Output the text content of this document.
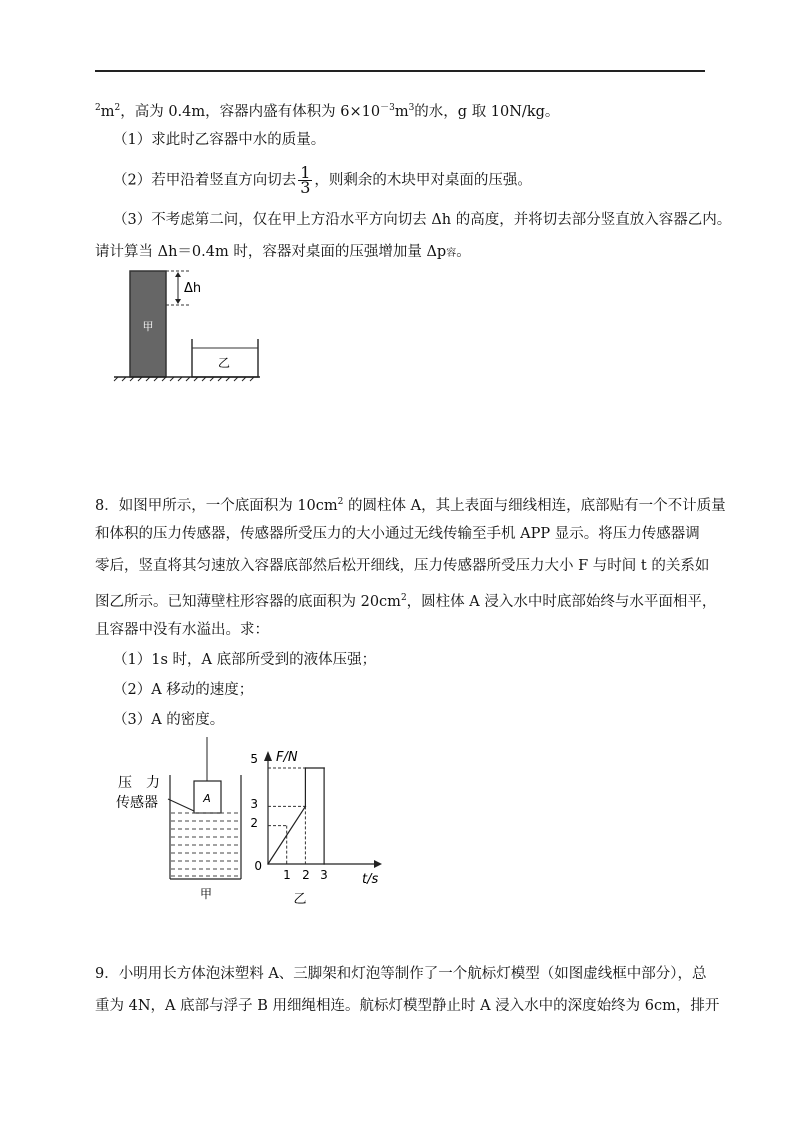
$^2m^2$，高为 0.4m，容器内盛有体积为 $6\times 10^{-3}m^3$的水，g 取 10N/kg。
（1）求此时乙容器中水的质量。
（2）若甲沿着竖直方向切去 $\frac{1}{3}$ ，则剩余的木块甲对桌面的压强。
（3）不考虑第二问，仅在甲上方沿水平方向切去 Δh 的高度，并将切去部分竖直放入容器乙内。
请计算当 Δh＝0.4m 时，容器对桌面的压强增加量 Δp容。
甲
Δh
乙
8．如图甲所示，一个底面积为 $10cm^2$ 的圆柱体 A，其上表面与细线相连，底部贴有一个不计质量
和体积的压力传感器，传感器所受压力的大小通过无线传输至手机 APP 显示。将压力传感器调
零后，竖直将其匀速放入容器底部然后松开细线，压力传感器所受压力大小 F 与时间 t 的关系如
图乙所示。已知薄壁柱形容器的底面积为 $20cm^2$，圆柱体 A 浸入水中时底部始终与水平面相平，
且容器中没有水溢出。求：
（1）1s 时，A 底部所受到的液体压强；
（2）A 移动的速度；
（3）A 的密度。
A
压　力
传感器
甲
F/N
t/s
5
3
2
0
1 2 3
乙
9．小明用长方体泡沫塑料 A、三脚架和灯泡等制作了一个航标灯模型（如图虚线框中部分），总
重为 4N，A 底部与浮子 B 用细绳相连。航标灯模型静止时 A 浸入水中的深度始终为 6cm，排开
